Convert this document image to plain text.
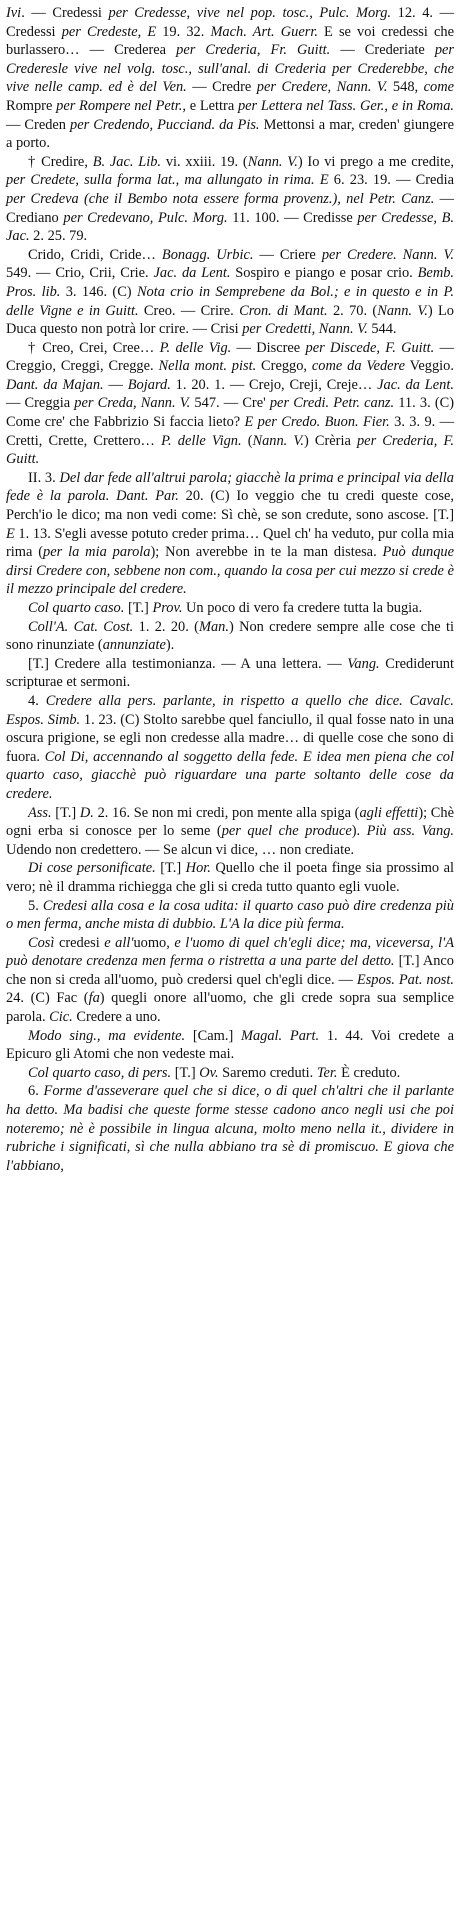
Ivi. — Credessi per Credesse, vive nel pop. tosc., Pulc. Morg. 12. 4. — Credessi per Credeste, E 19. 32. Mach. Art. Guerr. E se voi credessi che burlassero… — Crederea per Crederia, Fr. Guitt. — Crederiate per Crederesle vive nel volg. tosc., sull'anal. di Crederia per Crederebbe, che vive nelle camp. ed è del Ven. — Credre per Credere, Nann. V. 548, come Rompre per Rompere nel Petr., e Lettra per Lettera nel Tass. Ger., e in Roma. — Creden per Credendo, Pucciand. da Pis. Mettonsi a mar, creden' giungere a porto.

† Credire, B. Jac. Lib. vi. xxiii. 19. (Nann. V.) Io vi prego a me credite, per Credete, sulla forma lat., ma allungato in rima. E 6. 23. 19. — Credia per Credeva (che il Bembo nota essere forma provenz.), nel Petr. Canz. — Crediano per Credevano, Pulc. Morg. 11. 100. — Credisse per Credesse, B. Jac. 2. 25. 79.

Crido, Cridi, Cride… Bonagg. Urbic. — Criere per Credere. Nann. V. 549. — Crio, Crii, Crie. Jac. da Lent. Sospiro e piango e posar crio. Bemb. Pros. lib. 3. 146. (C) Nota crio in Semprebene da Bol.; e in questo e in P. delle Vigne e in Guitt. Creo. — Crire. Cron. di Mant. 2. 70. (Nann. V.) Lo Duca questo non potrà lor crire. — Crisi per Credetti, Nann. V. 544.

† Creo, Crei, Cree… P. delle Vig. — Discree per Discede, F. Guitt. — Creggio, Creggi, Cregge. Nella mont. pist. Creggo, come da Vedere Veggio. Dant. da Majan. — Bojard. 1. 20. 1. — Crejo, Creji, Creje… Jac. da Lent. — Creggia per Creda, Nann. V. 547. — Cre' per Credi. Petr. canz. 11. 3. (C) Come cre' che Fabbrizio Si faccia lieto? E per Credo. Buon. Fier. 3. 3. 9. — Cretti, Crette, Crettero… P. delle Vign. (Nann. V.) Crèria per Crederia, F. Guitt.

II. 3. Del dar fede all'altrui parola; giacchè la prima e principal via della fede è la parola. Dant. Par. 20. (C) Io veggio che tu credi queste cose, Perch'io le dico; ma non vedi come: Sì chè, se son credute, sono ascose. [T.] E 1. 13. S'egli avesse potuto creder prima… Quel ch' ha veduto, pur colla mia rima (per la mia parola); Non averebbe in te la man distesa. Può dunque dirsi Credere con, sebbene non com., quando la cosa per cui mezzo si crede è il mezzo principale del credere.

Col quarto caso. [T.] Prov. Un poco di vero fa credere tutta la bugia.

Coll'A. Cat. Cost. 1. 2. 20. (Man.) Non credere sempre alle cose che ti sono rinunziate (annunziate).

[T.] Credere alla testimonianza. — A una lettera. — Vang. Crediderunt scripturae et sermoni.

4. Credere alla pers. parlante, in rispetto a quello che dice. Cavalc. Espos. Simb. 1. 23. (C) Stolto sarebbe quel fanciullo, il qual fosse nato in una oscura prigione, se egli non credesse alla madre… di quelle cose che sono di fuora. Col Di, accennando al soggetto della fede. E idea men piena che col quarto caso, giacchè può riguardare una parte soltanto delle cose da credere.

Ass. [T.] D. 2. 16. Se non mi credi, pon mente alla spiga (agli effetti); Chè ogni erba si conosce per lo seme (per quel che produce). Più ass. Vang. Udendo non credettero. — Se alcun vi dice, … non crediate.

Di cose personificate. [T.] Hor. Quello che il poeta finge sia prossimo al vero; nè il dramma richiegga che gli si creda tutto quanto egli vuole.

5. Credesi alla cosa e la cosa udita: il quarto caso può dire credenza più o men ferma, anche mista di dubbio. L'A la dice più ferma.

Così credesi e all'uomo, e l'uomo di quel ch'egli dice; ma, viceversa, l'A può denotare credenza men ferma o ristretta a una parte del detto. [T.] Anco che non si creda all'uomo, può credersi quel ch'egli dice. — Espos. Pat. nost. 24. (C) Fac (fa) quegli onore all'uomo, che gli crede sopra sua semplice parola. Cic. Credere a uno.

Modo sing., ma evidente. [Cam.] Magal. Part. 1. 44. Voi credete a Epicuro gli Atomi che non vedeste mai.

Col quarto caso, di pers. [T.] Ov. Saremo creduti. Ter. È creduto.

6. Forme d'asseverare quel che si dice, o di quel ch'altri che il parlante ha detto. Ma badisi che queste forme stesse cadono anco negli usi che poi noteremo; nè è possibile in lingua alcuna, molto meno nella it., dividere in rubriche i significati, sì che nulla abbiano tra sè di promiscuo. E giova che l'abbiano,
